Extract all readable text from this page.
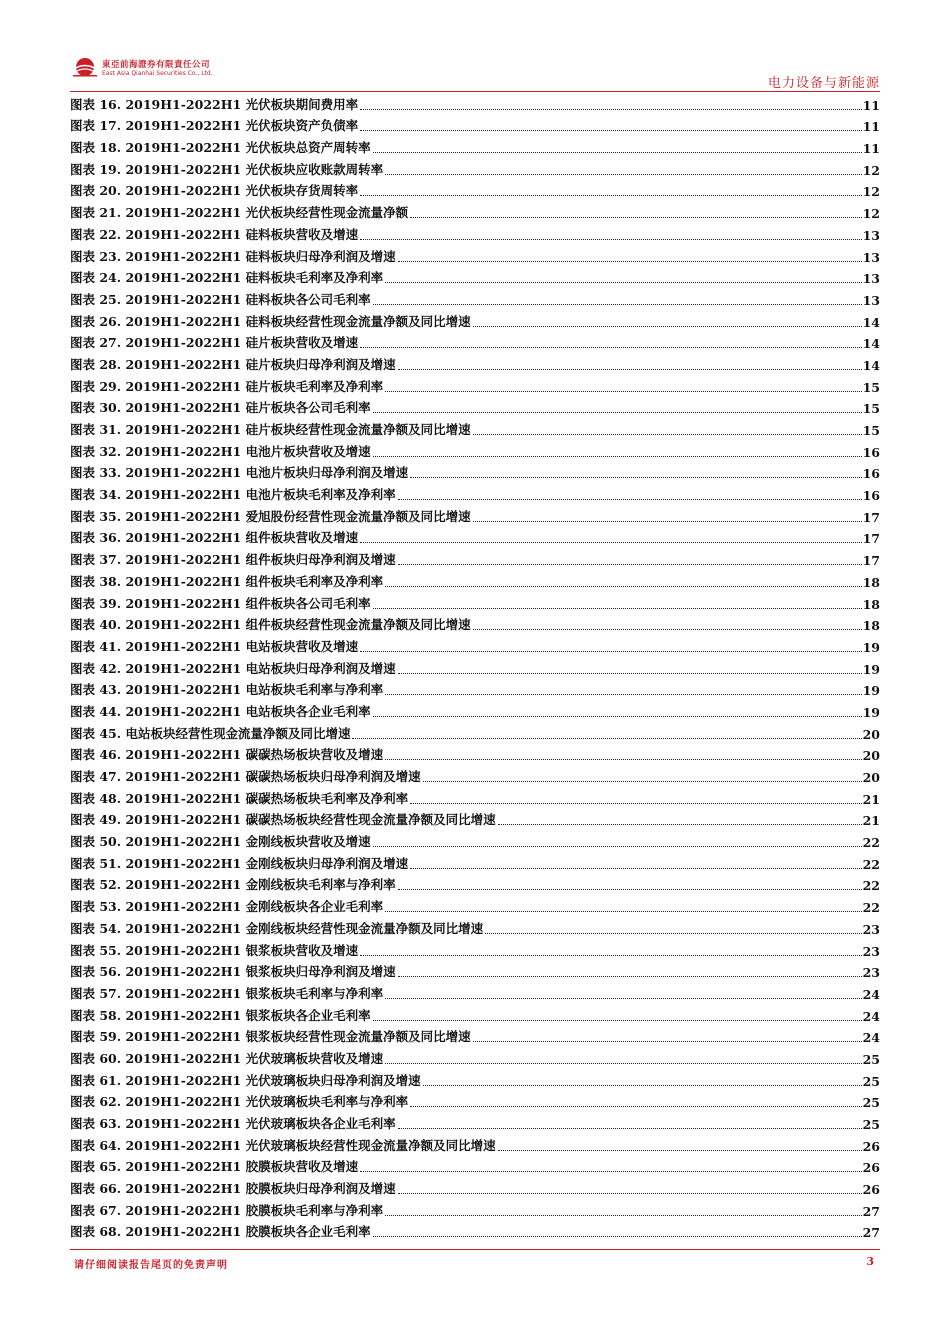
東亞前海證券有限責任公司
East Asia Qianhai Securities Co., Ltd.
电力设备与新能源
图表 16. 2019H1-2022H1 光伏板块期间费用率	11
图表 17. 2019H1-2022H1 光伏板块资产负债率	11
图表 18. 2019H1-2022H1 光伏板块总资产周转率	11
图表 19. 2019H1-2022H1 光伏板块应收账款周转率	12
图表 20. 2019H1-2022H1 光伏板块存货周转率	12
图表 21. 2019H1-2022H1 光伏板块经营性现金流量净额	12
图表 22. 2019H1-2022H1 硅料板块营收及增速	13
图表 23. 2019H1-2022H1 硅料板块归母净利润及增速	13
图表 24. 2019H1-2022H1 硅料板块毛利率及净利率	13
图表 25. 2019H1-2022H1 硅料板块各公司毛利率	13
图表 26. 2019H1-2022H1 硅料板块经营性现金流量净额及同比增速	14
图表 27. 2019H1-2022H1 硅片板块营收及增速	14
图表 28. 2019H1-2022H1 硅片板块归母净利润及增速	14
图表 29. 2019H1-2022H1 硅片板块毛利率及净利率	15
图表 30. 2019H1-2022H1 硅片板块各公司毛利率	15
图表 31. 2019H1-2022H1 硅片板块经营性现金流量净额及同比增速	15
图表 32. 2019H1-2022H1 电池片板块营收及增速	16
图表 33. 2019H1-2022H1 电池片板块归母净利润及增速	16
图表 34. 2019H1-2022H1 电池片板块毛利率及净利率	16
图表 35. 2019H1-2022H1 爱旭股份经营性现金流量净额及同比增速	17
图表 36. 2019H1-2022H1 组件板块营收及增速	17
图表 37. 2019H1-2022H1 组件板块归母净利润及增速	17
图表 38. 2019H1-2022H1 组件板块毛利率及净利率	18
图表 39. 2019H1-2022H1 组件板块各公司毛利率	18
图表 40. 2019H1-2022H1 组件板块经营性现金流量净额及同比增速	18
图表 41. 2019H1-2022H1 电站板块营收及增速	19
图表 42. 2019H1-2022H1 电站板块归母净利润及增速	19
图表 43. 2019H1-2022H1 电站板块毛利率与净利率	19
图表 44. 2019H1-2022H1 电站板块各企业毛利率	19
图表 45. 电站板块经营性现金流量净额及同比增速	20
图表 46. 2019H1-2022H1 碳碳热场板块营收及增速	20
图表 47. 2019H1-2022H1 碳碳热场板块归母净利润及增速	20
图表 48. 2019H1-2022H1 碳碳热场板块毛利率及净利率	21
图表 49. 2019H1-2022H1 碳碳热场板块经营性现金流量净额及同比增速	21
图表 50. 2019H1-2022H1 金刚线板块营收及增速	22
图表 51. 2019H1-2022H1 金刚线板块归母净利润及增速	22
图表 52. 2019H1-2022H1 金刚线板块毛利率与净利率	22
图表 53. 2019H1-2022H1 金刚线板块各企业毛利率	22
图表 54. 2019H1-2022H1 金刚线板块经营性现金流量净额及同比增速	23
图表 55. 2019H1-2022H1 银浆板块营收及增速	23
图表 56. 2019H1-2022H1 银浆板块归母净利润及增速	23
图表 57. 2019H1-2022H1 银浆板块毛利率与净利率	24
图表 58. 2019H1-2022H1 银浆板块各企业毛利率	24
图表 59. 2019H1-2022H1 银浆板块经营性现金流量净额及同比增速	24
图表 60. 2019H1-2022H1 光伏玻璃板块营收及增速	25
图表 61. 2019H1-2022H1 光伏玻璃板块归母净利润及增速	25
图表 62. 2019H1-2022H1 光伏玻璃板块毛利率与净利率	25
图表 63. 2019H1-2022H1 光伏玻璃板块各企业毛利率	25
图表 64. 2019H1-2022H1 光伏玻璃板块经营性现金流量净额及同比增速	26
图表 65. 2019H1-2022H1 胶膜板块营收及增速	26
图表 66. 2019H1-2022H1 胶膜板块归母净利润及增速	26
图表 67. 2019H1-2022H1 胶膜板块毛利率与净利率	27
图表 68. 2019H1-2022H1 胶膜板块各企业毛利率	27
请仔细阅读报告尾页的免责声明	3
